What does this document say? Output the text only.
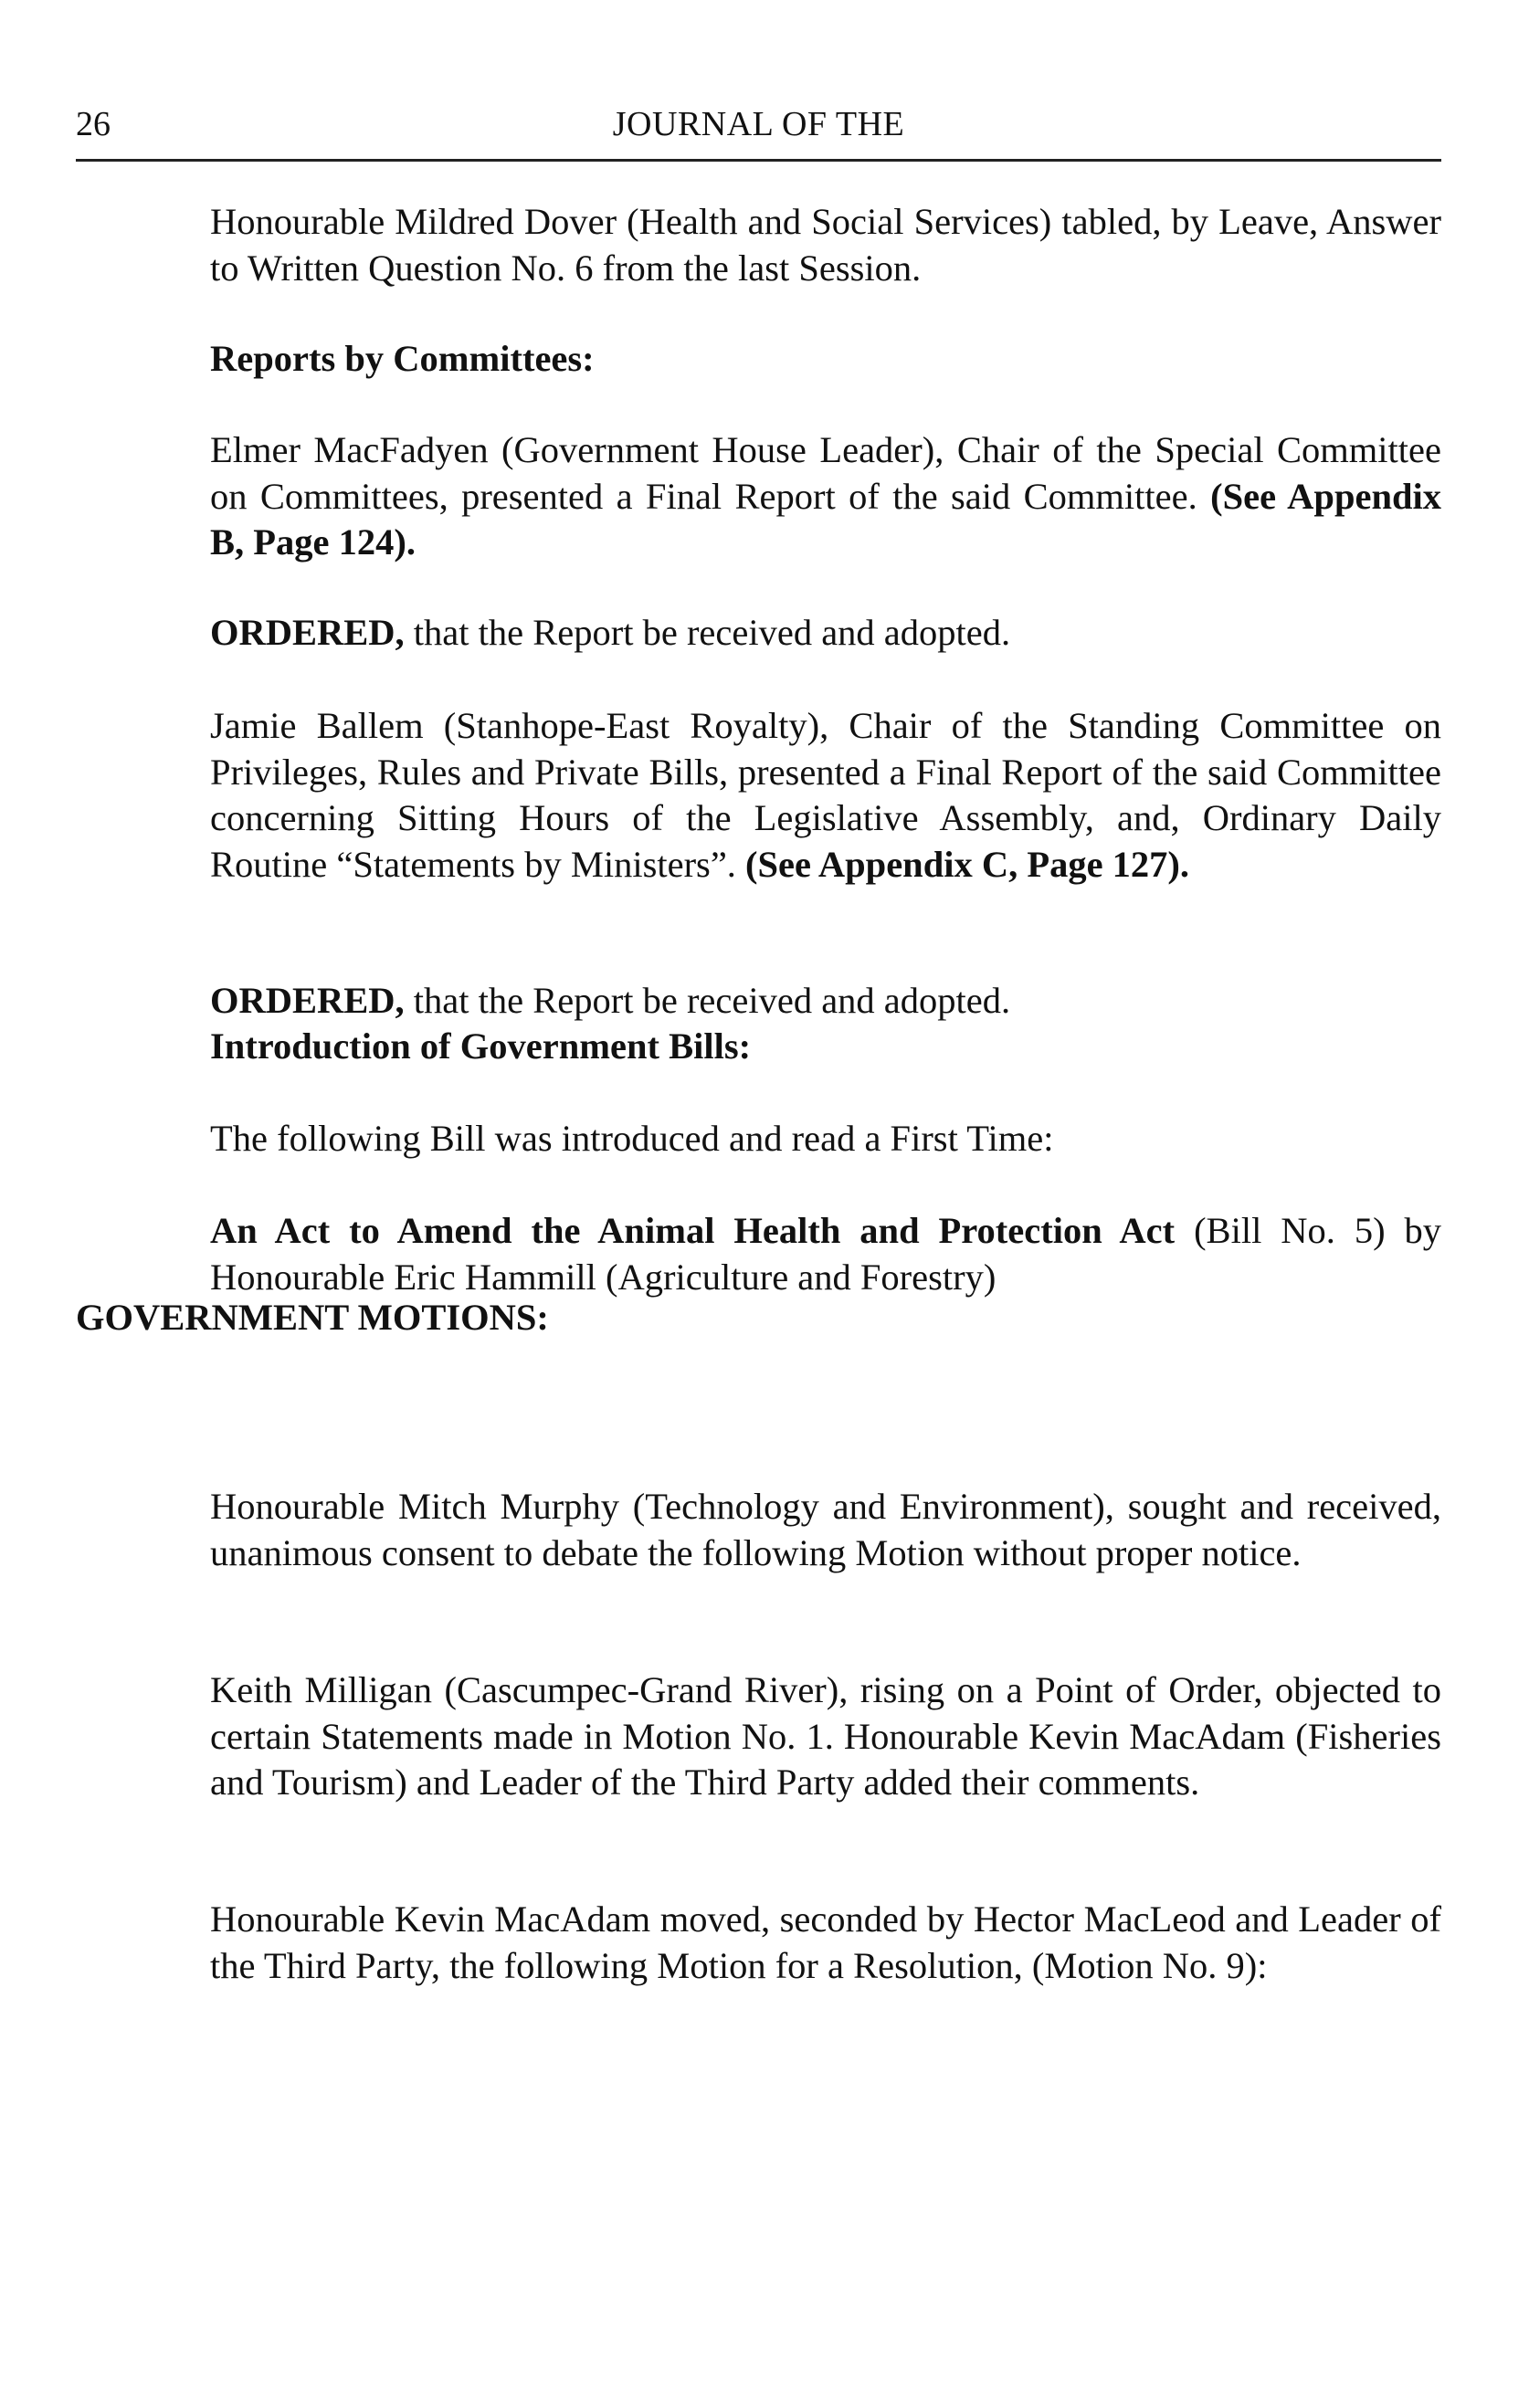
26	JOURNAL OF THE

Honourable Mildred Dover (Health and Social Services) tabled, by Leave, Answer to Written Question No. 6 from the last Session.

Reports by Committees:

Elmer MacFadyen (Government House Leader), Chair of the Special Committee on Committees, presented a Final Report of the said Committee. (See Appendix B, Page 124).

ORDERED, that the Report be received and adopted.

Jamie Ballem (Stanhope-East Royalty), Chair of the Standing Committee on Privileges, Rules and Private Bills, presented a Final Report of the said Committee concerning Sitting Hours of the Legislative Assembly, and, Ordinary Daily Routine “Statements by Ministers”. (See Appendix C, Page 127).

ORDERED, that the Report be received and adopted.

Introduction of Government Bills:

The following Bill was introduced and read a First Time:

An Act to Amend the Animal Health and Protection Act (Bill No. 5) by Honourable Eric Hammill (Agriculture and Forestry)

Honourable Mitch Murphy (Technology and Environment), sought and received, unanimous consent to debate the following Motion without proper notice.

Keith Milligan (Cascumpec-Grand River), rising on a Point of Order, objected to certain Statements made in Motion No. 1. Honourable Kevin MacAdam (Fisheries and Tourism) and Leader of the Third Party added their comments.

Honourable Kevin MacAdam moved, seconded by Hector MacLeod and Leader of the Third Party, the following Motion for a Resolution, (Motion No. 9):

GOVERNMENT MOTIONS:
